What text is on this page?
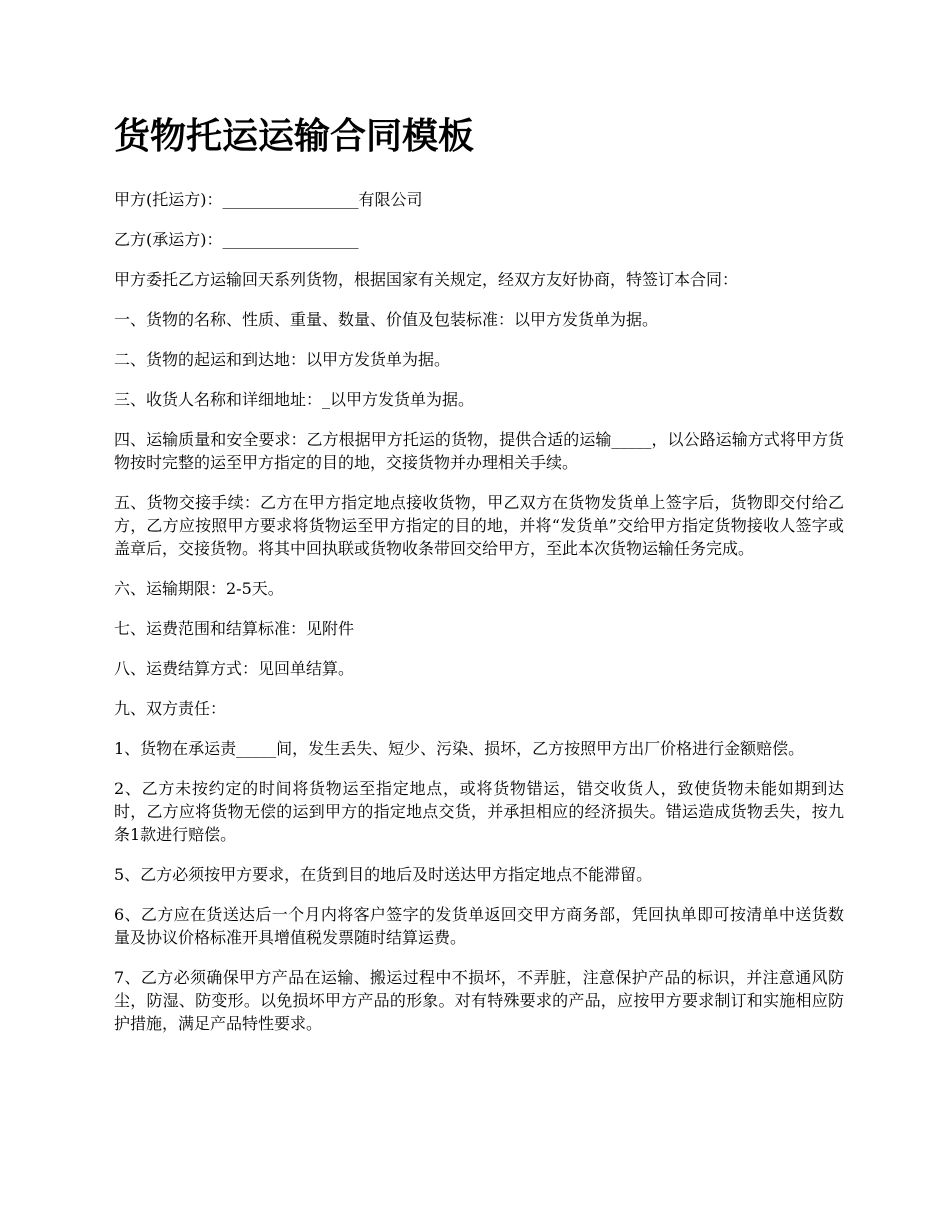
货物托运运输合同模板

甲方(托运方)：_________________有限公司

乙方(承运方)：_________________

甲方委托乙方运输回天系列货物，根据国家有关规定，经双方友好协商，特签订本合同：

一、货物的名称、性质、重量、数量、价值及包装标准：以甲方发货单为据。

二、货物的起运和到达地：以甲方发货单为据。

三、收货人名称和详细地址：_以甲方发货单为据。

四、运输质量和安全要求：乙方根据甲方托运的货物，提供合适的运输_____，以公路运输方式将甲方货物按时完整的运至甲方指定的目的地，交接货物并办理相关手续。

五、货物交接手续：乙方在甲方指定地点接收货物，甲乙双方在货物发货单上签字后，货物即交付给乙方，乙方应按照甲方要求将货物运至甲方指定的目的地，并将“发货单”交给甲方指定货物接收人签字或盖章后，交接货物。将其中回执联或货物收条带回交给甲方，至此本次货物运输任务完成。

六、运输期限：2-5天。

七、运费范围和结算标准：见附件

八、运费结算方式：见回单结算。

九、双方责任：

1、货物在承运责_____间，发生丢失、短少、污染、损坏，乙方按照甲方出厂价格进行金额赔偿。

2、乙方未按约定的时间将货物运至指定地点，或将货物错运，错交收货人，致使货物未能如期到达时，乙方应将货物无偿的运到甲方的指定地点交货，并承担相应的经济损失。错运造成货物丢失，按九条1款进行赔偿。

5、乙方必须按甲方要求，在货到目的地后及时送达甲方指定地点不能滞留。

6、乙方应在货送达后一个月内将客户签字的发货单返回交甲方商务部，凭回执单即可按清单中送货数量及协议价格标准开具增值税发票随时结算运费。

7、乙方必须确保甲方产品在运输、搬运过程中不损坏，不弄脏，注意保护产品的标识，并注意通风防尘，防湿、防变形。以免损坏甲方产品的形象。对有特殊要求的产品，应按甲方要求制订和实施相应防护措施，满足产品特性要求。
